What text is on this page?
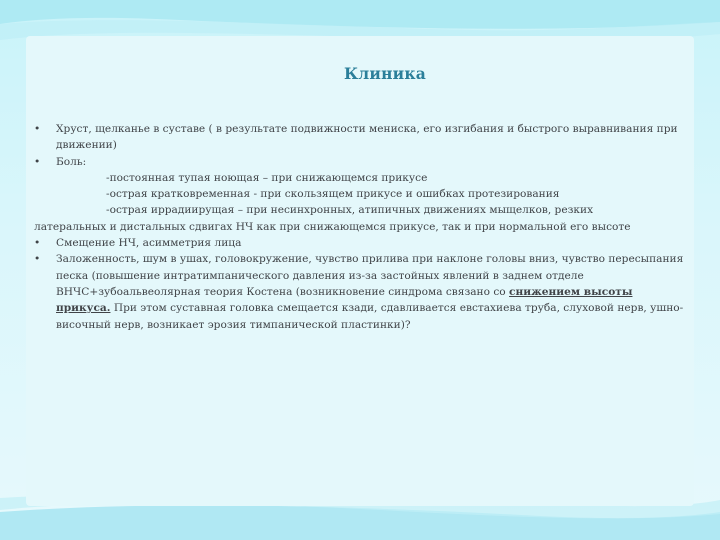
Клиника
•	Хруст, щелканье в суставе ( в результате подвижности мениска, его изгибания и быстрого выравнивания при движении)
•	Боль:
-постоянная тупая ноющая – при снижающемся прикусе
-острая кратковременная - при скользящем прикусе и ошибках протезирования
-острая иррадиирущая – при несинхронных, атипичных движениях мыщелков, резких
латеральных и дистальных сдвигах НЧ как при снижающемся прикусе, так и при нормальной его высоте
•	Смещение НЧ, асимметрия лица
•	Заложенность, шум в ушах, головокружение, чувство прилива при наклоне головы вниз, чувство пересыпания песка (повышение интратимпанического давления из-за застойных явлений в заднем отделе ВНЧС+зубоальвеолярная теория Костена (возникновение синдрома связано со снижением высоты прикуса. При этом суставная головка смещается кзади, сдавливается евстахиева труба, слуховой нерв, ушно-височный нерв, возникает эрозия тимпанической пластинки)?
